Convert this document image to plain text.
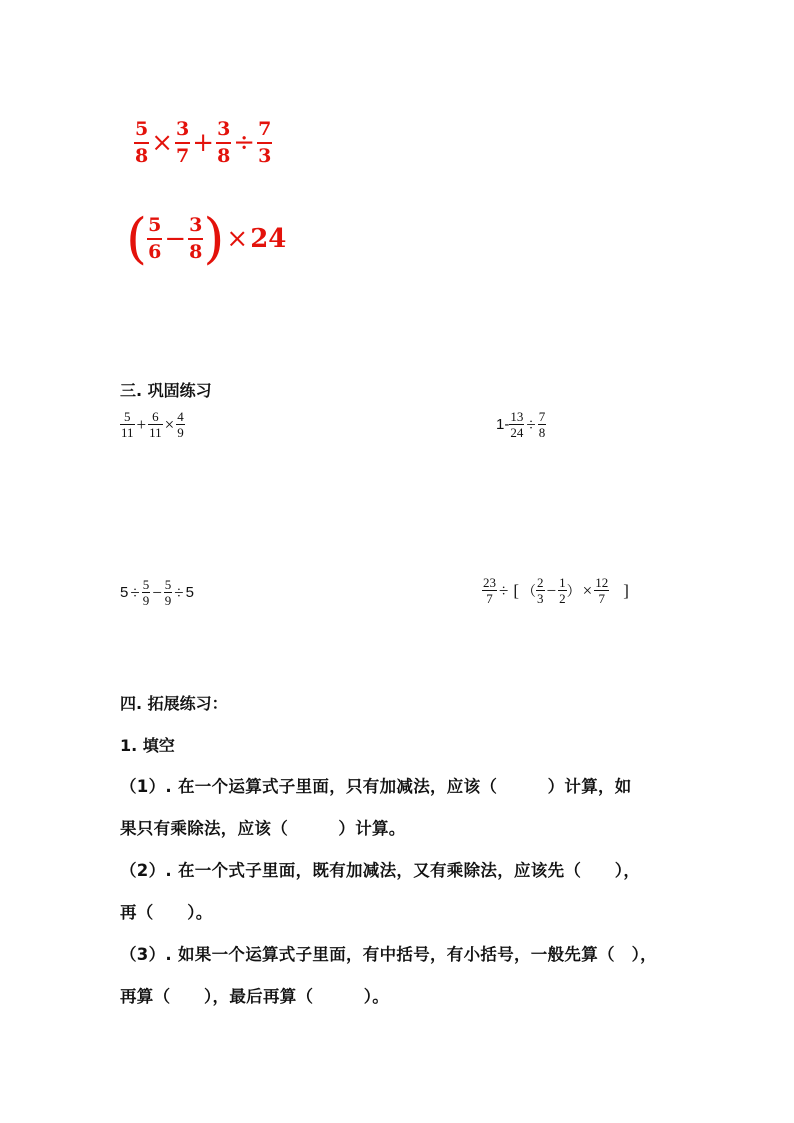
$\frac{5}{8} \times \frac{3}{7} + \frac{3}{8} \div \frac{7}{3}$
( $\frac{5}{6} - \frac{3}{8} )\times 24$
三. 巩固练习
$\frac{5}{11} + \frac{6}{11} \times \frac{4}{9}$	$1- \frac{13}{24} \div \frac{7}{8}$
$5 \div \frac{5}{9} - \frac{5}{9} \div 5$	$\frac{23}{7}$ ÷ [ （ $\frac{2}{3} - \frac{1}{2}$ ） × $\frac{12}{7}$ ]
四. 拓展练习：
1. 填空
（1）. 在一个运算式子里面，只有加减法，应该（　　　）计算，如
果只有乘除法，应该（　　　）计算。
（2）. 在一个式子里面，既有加减法，又有乘除法，应该先（　　），
再（　　）。
（3）. 如果一个运算式子里面，有中括号，有小括号，一般先算（　），
再算（　　），最后再算（　　　）。
